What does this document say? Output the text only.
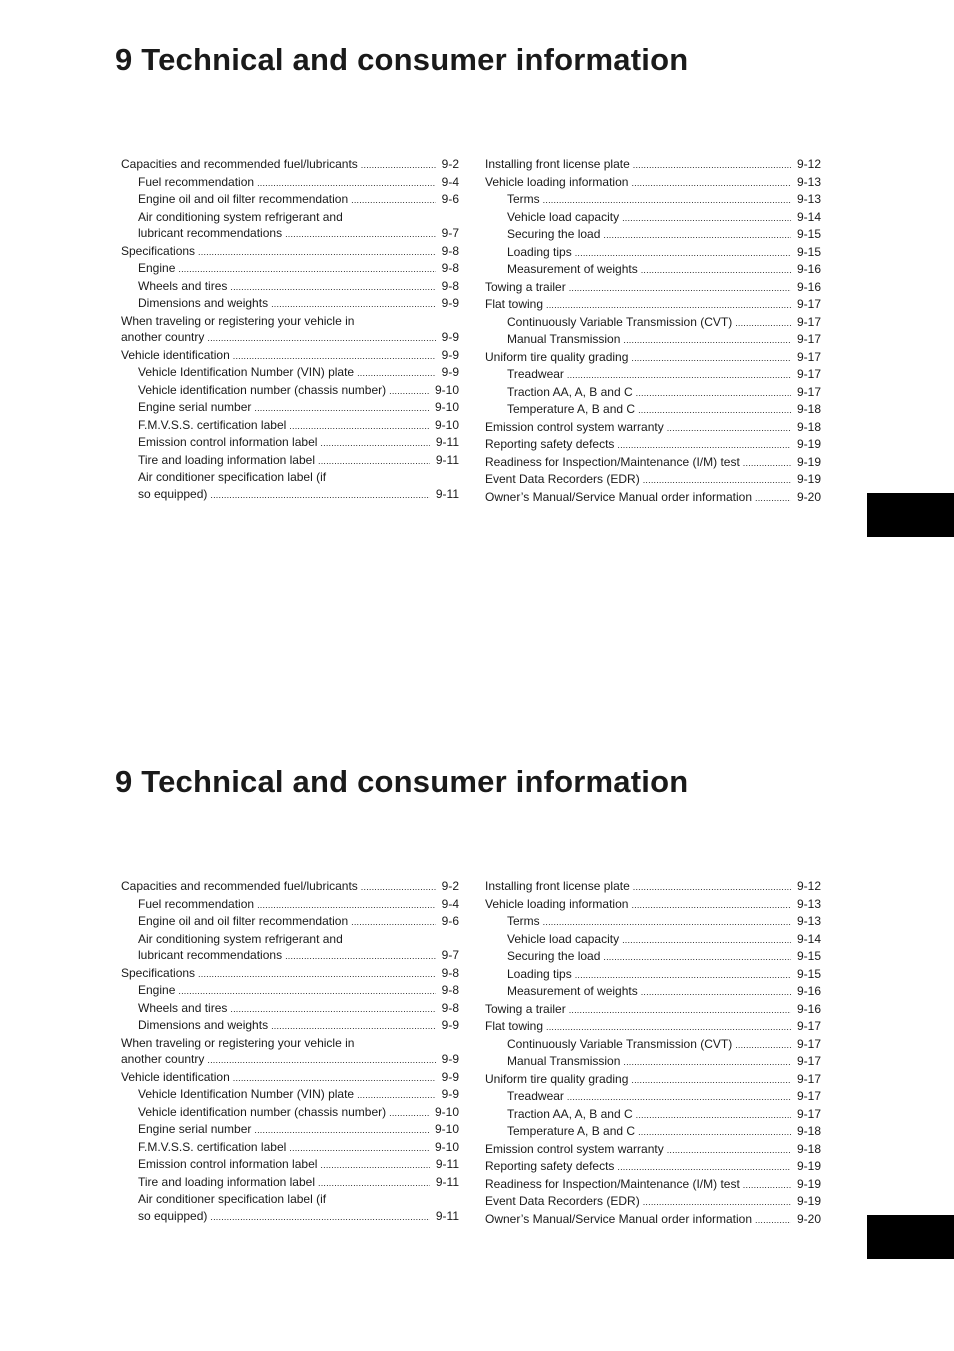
9 Technical and consumer information
Capacities and recommended fuel/lubricants .....	9-2
Fuel recommendation .....	9-4
Engine oil and oil filter recommendation .....	9-6
Air conditioning system refrigerant and
lubricant recommendations .....	9-7
Specifications .....	9-8
Engine .....	9-8
Wheels and tires .....	9-8
Dimensions and weights .....	9-9
When traveling or registering your vehicle in
another country .....	9-9
Vehicle identification .....	9-9
Vehicle Identification Number (VIN) plate .....	9-9
Vehicle identification number (chassis number) .....	9-10
Engine serial number .....	9-10
F.M.V.S.S. certification label .....	9-10
Emission control information label .....	9-11
Tire and loading information label .....	9-11
Air conditioner specification label (if
so equipped) .....	9-11
Installing front license plate .....	9-12
Vehicle loading information .....	9-13
Terms .....	9-13
Vehicle load capacity .....	9-14
Securing the load .....	9-15
Loading tips .....	9-15
Measurement of weights .....	9-16
Towing a trailer .....	9-16
Flat towing .....	9-17
Continuously Variable Transmission (CVT) .....	9-17
Manual Transmission .....	9-17
Uniform tire quality grading .....	9-17
Treadwear .....	9-17
Traction AA, A, B and C .....	9-17
Temperature A, B and C .....	9-18
Emission control system warranty .....	9-18
Reporting safety defects .....	9-19
Readiness for Inspection/Maintenance (I/M) test .....	9-19
Event Data Recorders (EDR) .....	9-19
Owner’s Manual/Service Manual order information .....	9-20
9 Technical and consumer information
Capacities and recommended fuel/lubricants .....	9-2
Fuel recommendation .....	9-4
Engine oil and oil filter recommendation .....	9-6
Air conditioning system refrigerant and
lubricant recommendations .....	9-7
Specifications .....	9-8
Engine .....	9-8
Wheels and tires .....	9-8
Dimensions and weights .....	9-9
When traveling or registering your vehicle in
another country .....	9-9
Vehicle identification .....	9-9
Vehicle Identification Number (VIN) plate .....	9-9
Vehicle identification number (chassis number) .....	9-10
Engine serial number .....	9-10
F.M.V.S.S. certification label .....	9-10
Emission control information label .....	9-11
Tire and loading information label .....	9-11
Air conditioner specification label (if
so equipped) .....	9-11
Installing front license plate .....	9-12
Vehicle loading information .....	9-13
Terms .....	9-13
Vehicle load capacity .....	9-14
Securing the load .....	9-15
Loading tips .....	9-15
Measurement of weights .....	9-16
Towing a trailer .....	9-16
Flat towing .....	9-17
Continuously Variable Transmission (CVT) .....	9-17
Manual Transmission .....	9-17
Uniform tire quality grading .....	9-17
Treadwear .....	9-17
Traction AA, A, B and C .....	9-17
Temperature A, B and C .....	9-18
Emission control system warranty .....	9-18
Reporting safety defects .....	9-19
Readiness for Inspection/Maintenance (I/M) test .....	9-19
Event Data Recorders (EDR) .....	9-19
Owner’s Manual/Service Manual order information .....	9-20
